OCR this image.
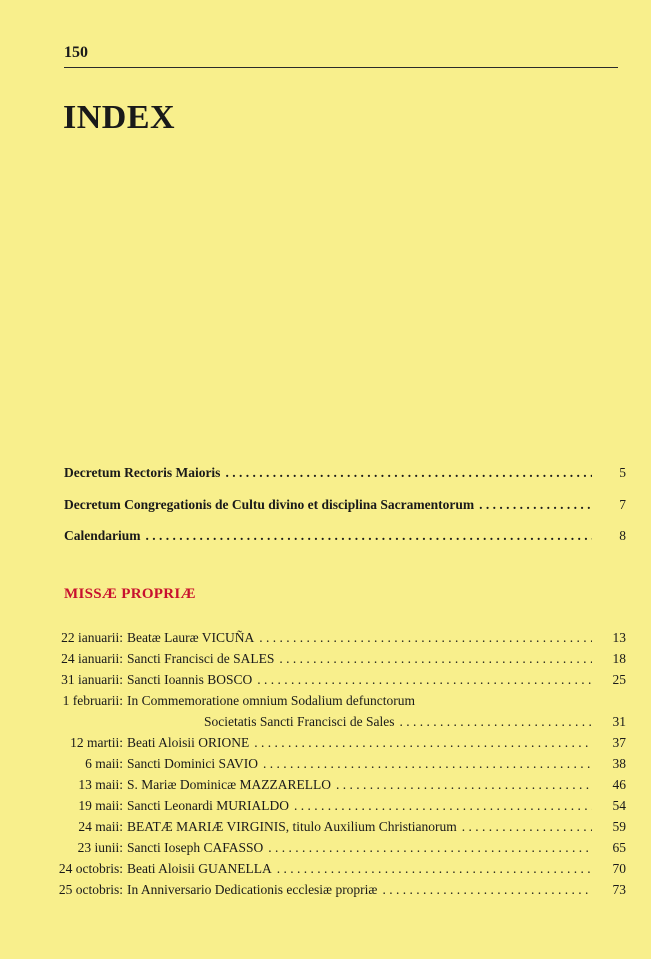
150
INDEX
Decretum Rectoris Maioris . . .	5
Decretum Congregationis de Cultu divino et disciplina Sacramentorum . . .	7
Calendarium . . .	8
MISSÆ PROPRIÆ
22 ianuarii: Beatæ Lauræ VICUÑA . . .	13
24 ianuarii: Sancti Francisci de SALES . . .	18
31 ianuarii: Sancti Ioannis BOSCO . . .	25
1 februarii: In Commemoratione omnium Sodalium defunctorum
Societatis Sancti Francisci de Sales . . .	31
12 martii: Beati Aloisii ORIONE . . .	37
6 maii: Sancti Dominici SAVIO . . .	38
13 maii: S. Mariæ Dominicæ MAZZARELLO . . .	46
19 maii: Sancti Leonardi MURIALDO . . .	54
24 maii: BEATÆ MARIÆ VIRGINIS, titulo Auxilium Christianorum . . .	59
23 iunii: Sancti Ioseph CAFASSO . . .	65
24 octobris: Beati Aloisii GUANELLA . . .	70
25 octobris: In Anniversario Dedicationis ecclesiæ propriæ . . .	73
